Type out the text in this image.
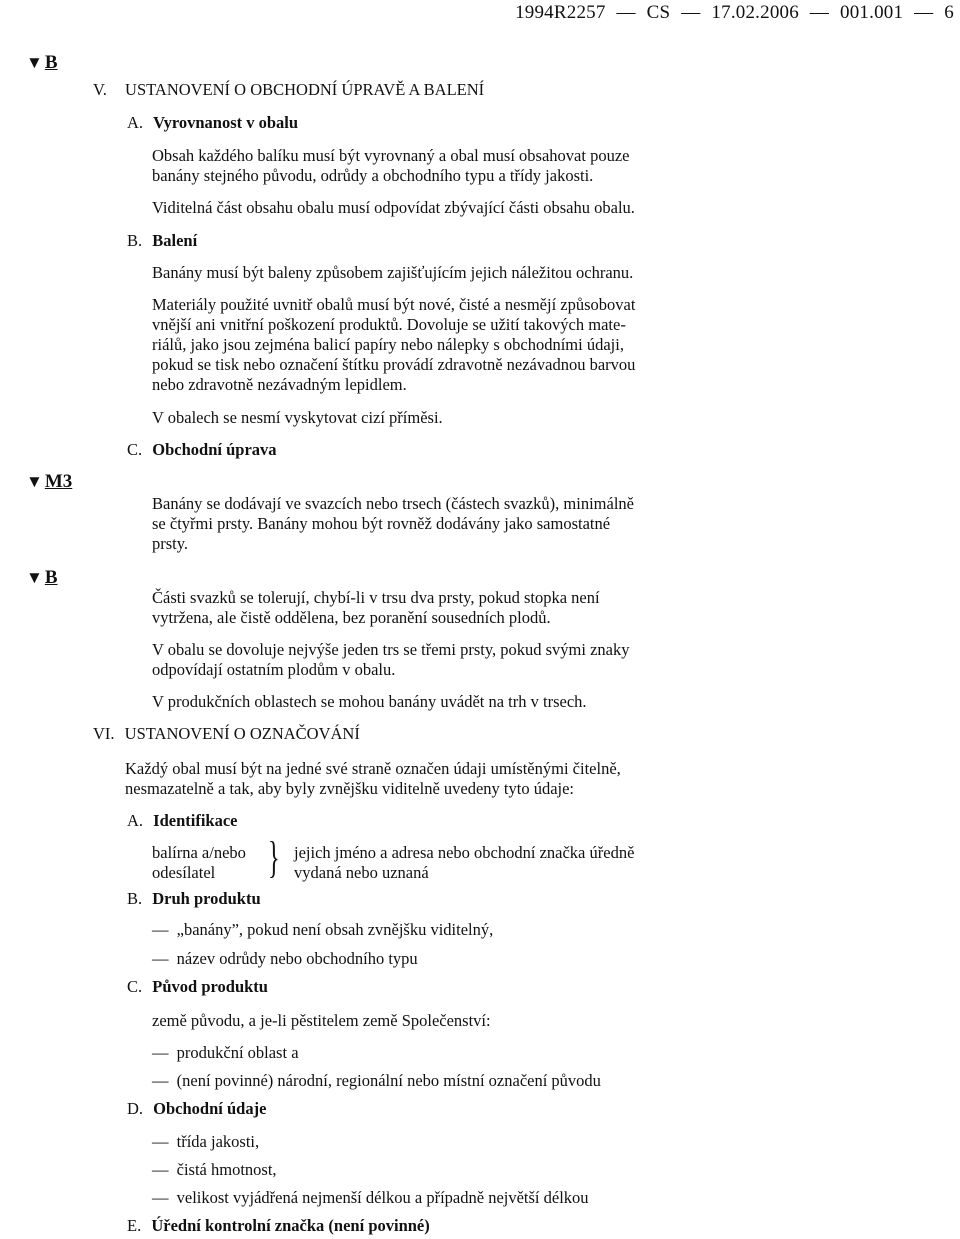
1994R2257 — CS — 17.02.2006 — 001.001 — 6
▼ B
▼ M3
▼ B
V. USTANOVENÍ O OBCHODNÍ ÚPRAVĚ A BALENÍ
A. Vyrovnanost v obalu
Obsah každého balíku musí být vyrovnaný a obal musí obsahovat pouze
banány stejného původu, odrůdy a obchodního typu a třídy jakosti.
Viditelná část obsahu obalu musí odpovídat zbývající části obsahu obalu.
B. Balení
Banány musí být baleny způsobem zajišťujícím jejich náležitou ochranu.
Materiály použité uvnitř obalů musí být nové, čisté a nesmějí způsobovat
vnější ani vnitřní poškození produktů. Dovoluje se užití takových mate-
riálů, jako jsou zejména balicí papíry nebo nálepky s obchodními údaji,
pokud se tisk nebo označení štítku provádí zdravotně nezávadnou barvou
nebo zdravotně nezávadným lepidlem.
V obalech se nesmí vyskytovat cizí příměsi.
C. Obchodní úprava
Banány se dodávají ve svazcích nebo trsech (částech svazků), minimálně
se čtyřmi prsty. Banány mohou být rovněž dodávány jako samostatné
prsty.
Části svazků se tolerují, chybí-li v trsu dva prsty, pokud stopka není
vytržena, ale čistě oddělena, bez poranění sousedních plodů.
V obalu se dovoluje nejvýše jeden trs se třemi prsty, pokud svými znaky
odpovídají ostatním plodům v obalu.
V produkčních oblastech se mohou banány uvádět na trh v trsech.
VI. USTANOVENÍ O OZNAČOVÁNÍ
Každý obal musí být na jedné své straně označen údaji umístěnými čitelně,
nesmazatelně a tak, aby byly zvnějšku viditelně uvedeny tyto údaje:
A. Identifikace
balírna a/nebo
odesílatel } jejich jméno a adresa nebo obchodní značka úředně
vydaná nebo uznaná
B. Druh produktu
— „banány”, pokud není obsah zvnějšku viditelný,
— název odrůdy nebo obchodního typu
C. Původ produktu
země původu, a je-li pěstitelem země Společenství:
— produkční oblast a
— (není povinné) národní, regionální nebo místní označení původu
D. Obchodní údaje
— třída jakosti,
— čistá hmotnost,
— velikost vyjádřená nejmenší délkou a případně největší délkou
E. Úřední kontrolní značka (není povinné)
